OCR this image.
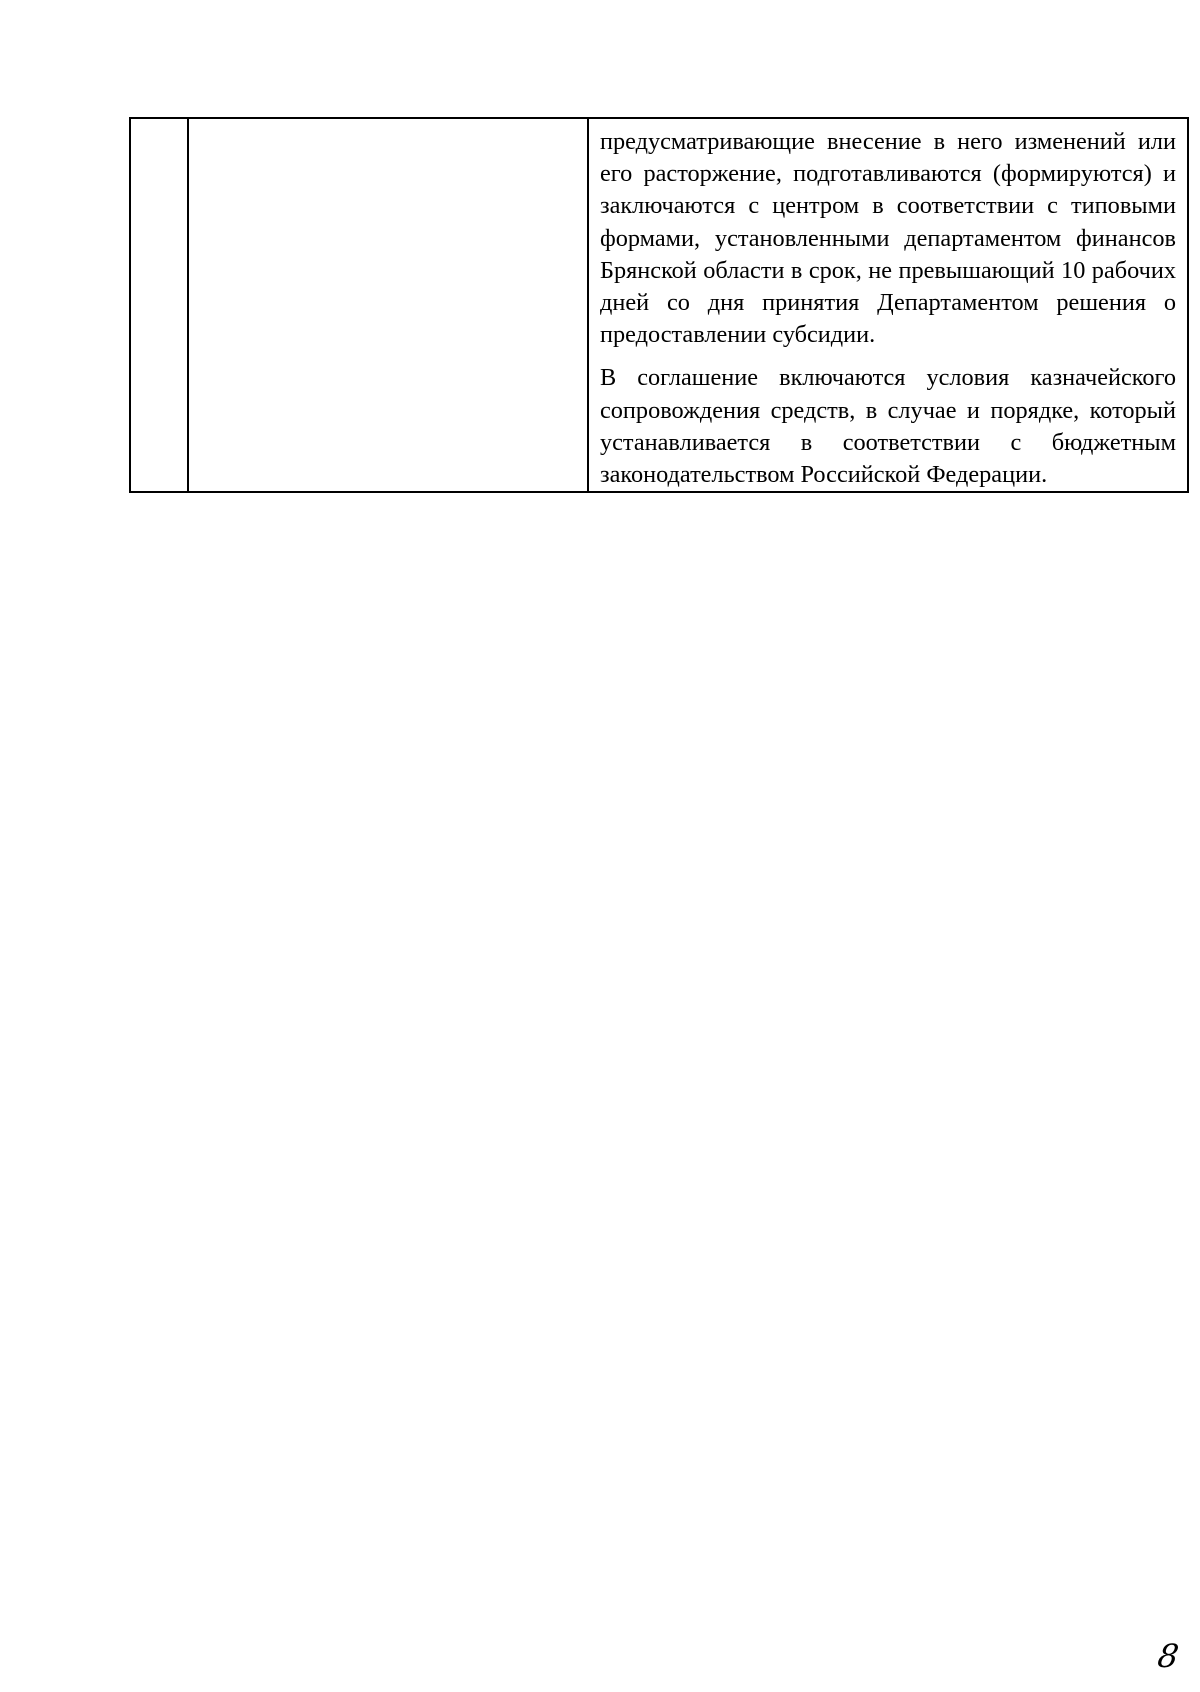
предусматривающие внесение в него изменений или его расторжение, подготавливаются (формируются) и заключаются с центром в соответствии с типовыми формами, установленными департаментом финансов Брянской области в срок, не превышающий 10 рабочих дней со дня принятия Департаментом решения о предоставлении субсидии.

В соглашение включаются условия казначейского сопровождения средств, в случае и порядке, который устанавливается в соответствии с бюджетным законодательством Российской Федерации.

8
